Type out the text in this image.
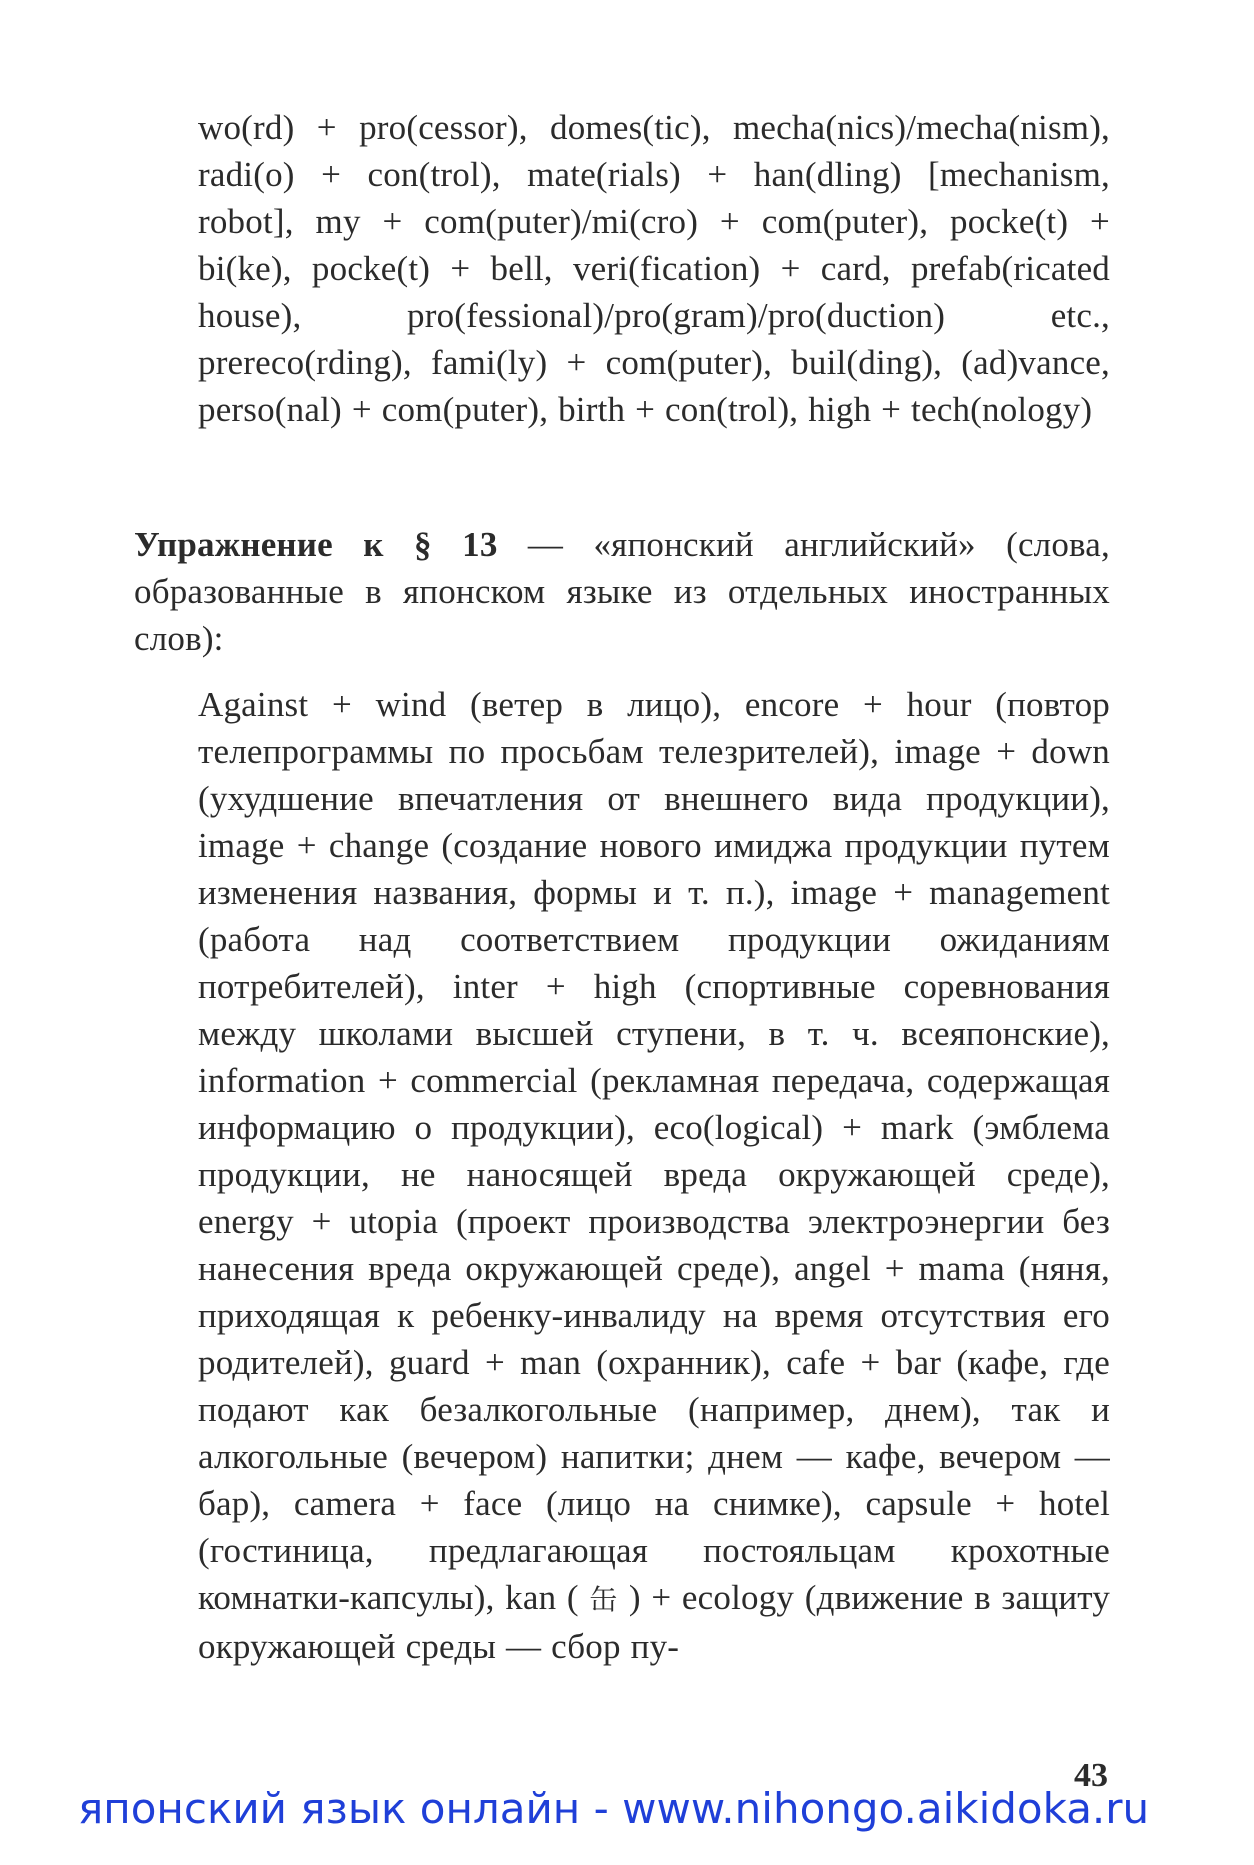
wo(rd) + pro(cessor), domes(tic), mecha(nics)/mecha(nism), radi(o) + con(trol), mate(rials) + han(dling) [mechanism, robot], my + com(puter)/mi(cro) + com(puter), pocke(t) + bi(ke), pocke(t) + bell, veri(fication) + card, prefab(ricated house), pro(fessional)/pro(gram)/pro(duction) etc., prereco(rding), fami(ly) + com(puter), buil(ding), (ad)vance, perso(nal) + com(puter), birth + con(trol), high + tech(nology)

Упражнение к § 13 — «японский английский» (слова, образованные в японском языке из отдельных иностранных слов):

Against + wind (ветер в лицо), encore + hour (повтор телепрограммы по просьбам телезрителей), image + down (ухудшение впечатления от внешнего вида продукции), image + change (создание нового имиджа продукции путем изменения названия, формы и т. п.), image + management (работа над соответствием продукции ожиданиям потребителей), inter + high (спортивные соревнования между школами высшей ступени, в т. ч. всеяпонские), information + commercial (рекламная передача, содержащая информацию о продукции), eco(logical) + mark (эмблема продукции, не наносящей вреда окружающей среде), energy + utopia (проект производства электроэнергии без нанесения вреда окружающей среде), angel + mama (няня, приходящая к ребенку-инвалиду на время отсутствия его родителей), guard + man (охранник), cafe + bar (кафе, где подают как безалкогольные (например, днем), так и алкогольные (вечером) напитки; днем — кафе, вечером — бар), camera + face (лицо на снимке), capsule + hotel (гостиница, предлагающая постояльцам крохотные комнатки-капсулы), kan ( 缶 ) + ecology (движение в защиту окружающей среды — сбор пу-

43
японский язык онлайн - www.nihongo.aikidoka.ru
